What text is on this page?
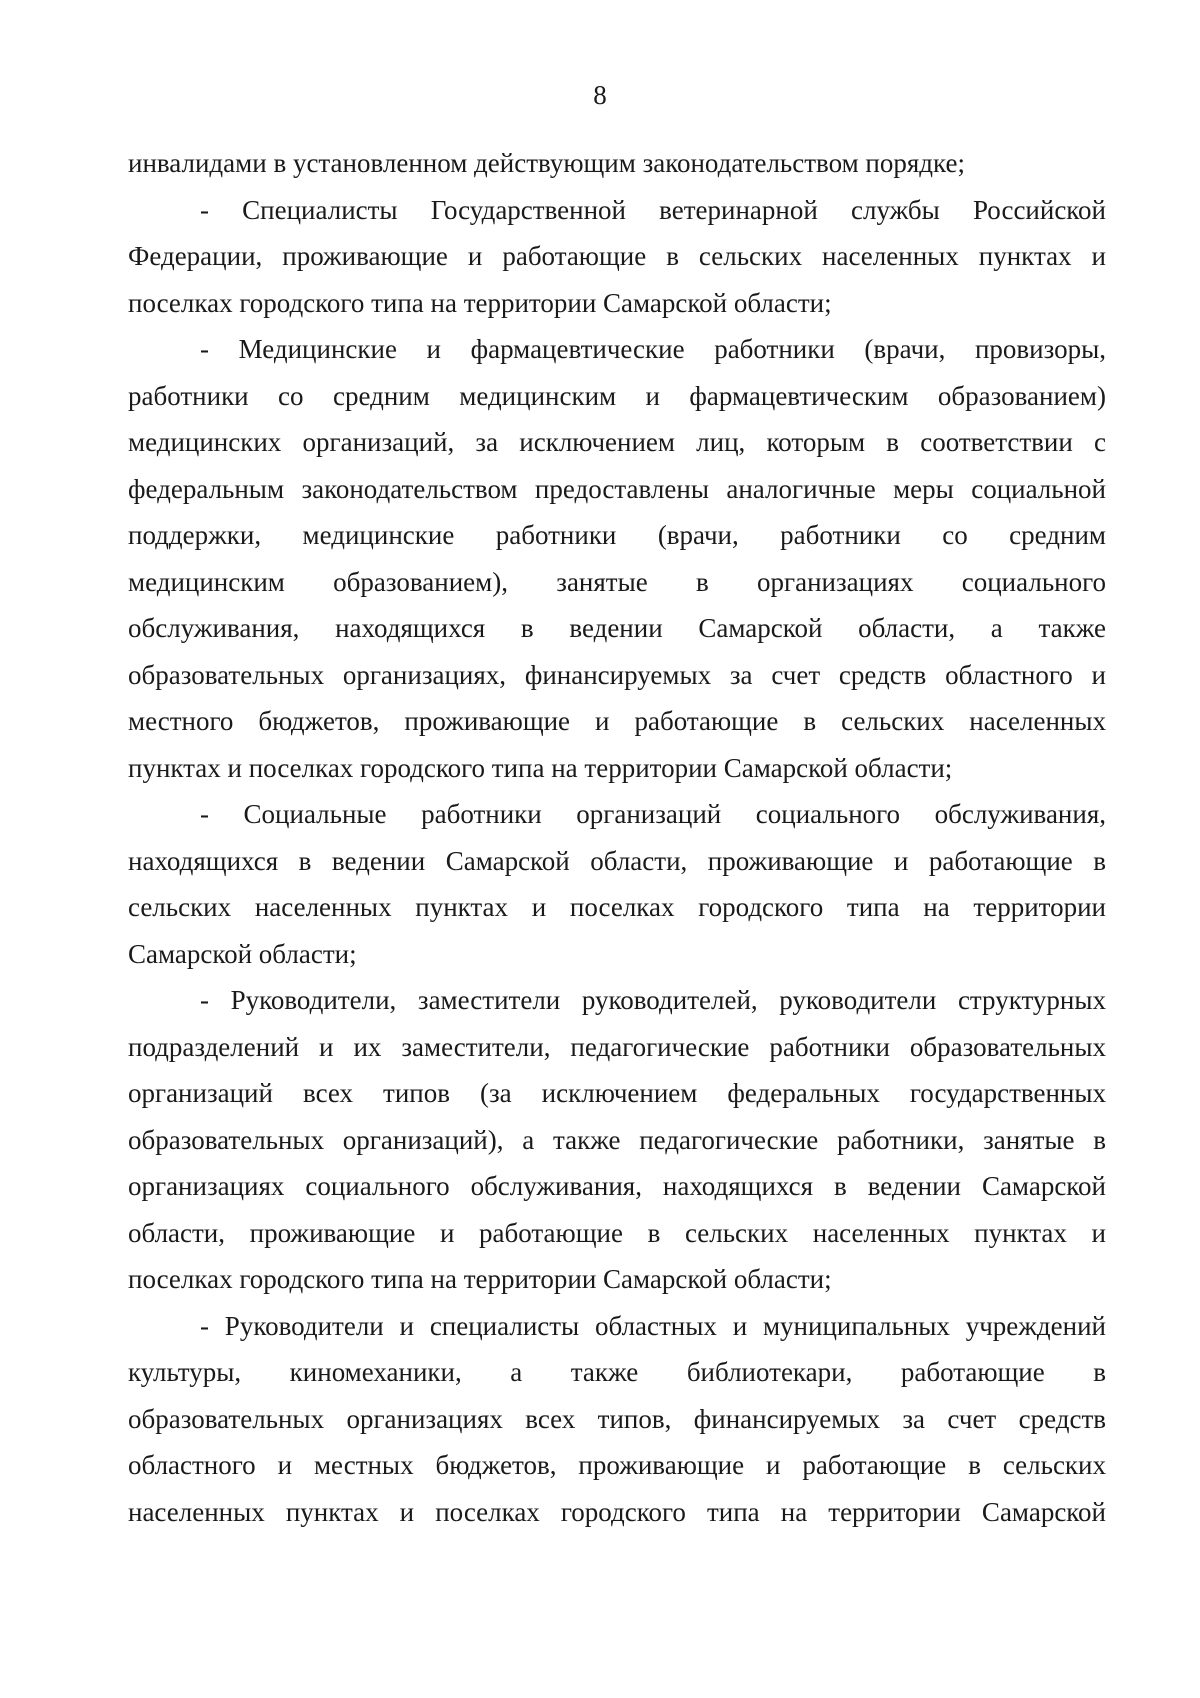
8
инвалидами в установленном действующим законодательством порядке;
- Специалисты Государственной ветеринарной службы Российской
Федерации, проживающие и работающие в сельских населенных пунктах и
поселках городского типа на территории Самарской области;
- Медицинские и фармацевтические работники (врачи, провизоры,
работники со средним медицинским и фармацевтическим образованием)
медицинских организаций, за исключением лиц, которым в соответствии с
федеральным законодательством предоставлены аналогичные меры социальной
поддержки, медицинские работники (врачи, работники со средним
медицинским образованием), занятые в организациях социального
обслуживания, находящихся в ведении Самарской области, а также
образовательных организациях, финансируемых за счет средств областного и
местного бюджетов, проживающие и работающие в сельских населенных
пунктах и поселках городского типа на территории Самарской области;
- Социальные работники организаций социального обслуживания,
находящихся в ведении Самарской области, проживающие и работающие в
сельских населенных пунктах и поселках городского типа на территории
Самарской области;
- Руководители, заместители руководителей, руководители структурных
подразделений и их заместители, педагогические работники образовательных
организаций всех типов (за исключением федеральных государственных
образовательных организаций), а также педагогические работники, занятые в
организациях социального обслуживания, находящихся в ведении Самарской
области, проживающие и работающие в сельских населенных пунктах и
поселках городского типа на территории Самарской области;
- Руководители и специалисты областных и муниципальных учреждений
культуры, киномеханики, а также библиотекари, работающие в
образовательных организациях всех типов, финансируемых за счет средств
областного и местных бюджетов, проживающие и работающие в сельских
населенных пунктах и поселках городского типа на территории Самарской
